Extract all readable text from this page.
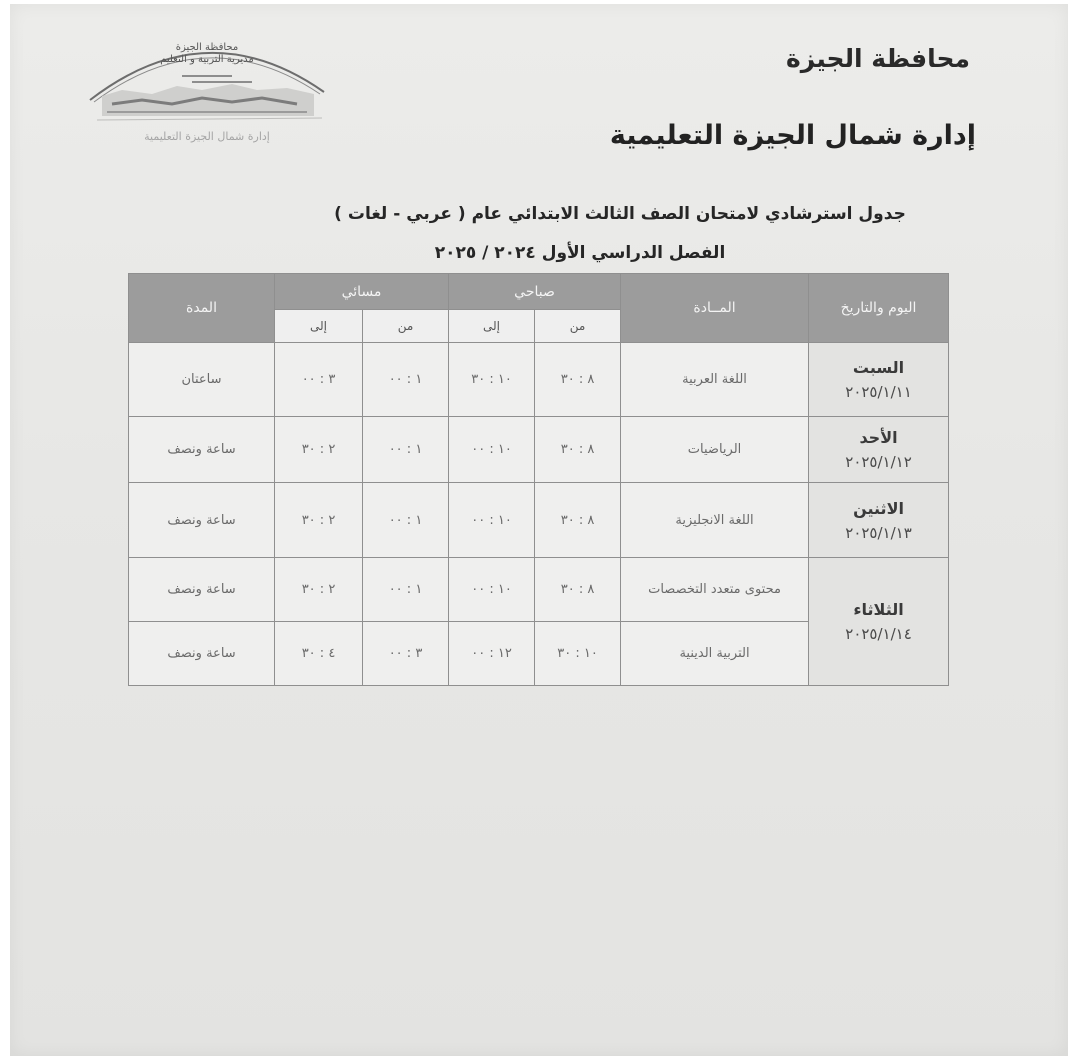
محافظة الجيزة
مديرية التربية و التعليم
إدارة شمال الجيزة التعليمية
محافظة الجيزة
إدارة شمال الجيزة التعليمية
جدول استرشادي لامتحان الصف الثالث الابتدائي عام ( عربي - لغات )
الفصل الدراسي الأول ٢٠٢٤ / ٢٠٢٥
اليوم والتاريخ	المــادة	صباحي		مسائي		المدة
		من	إلى	من	إلى	

السبت
٢٠٢٥/١/١١	اللغة العربية	٨ : ٣٠	١٠ : ٣٠	١ : ٠٠	٣ : ٠٠	ساعتان

الأحد
٢٠٢٥/١/١٢	الرياضيات	٨ : ٣٠	١٠ : ٠٠	١ : ٠٠	٢ : ٣٠	ساعة ونصف

الاثنين
٢٠٢٥/١/١٣	اللغة الانجليزية	٨ : ٣٠	١٠ : ٠٠	١ : ٠٠	٢ : ٣٠	ساعة ونصف

الثلاثاء
٢٠٢٥/١/١٤	محتوى متعدد التخصصات	٨ : ٣٠	١٠ : ٠٠	١ : ٠٠	٢ : ٣٠	ساعة ونصف
	التربية الدينية	١٠ : ٣٠	١٢ : ٠٠	٣ : ٠٠	٤ : ٣٠	ساعة ونصف
